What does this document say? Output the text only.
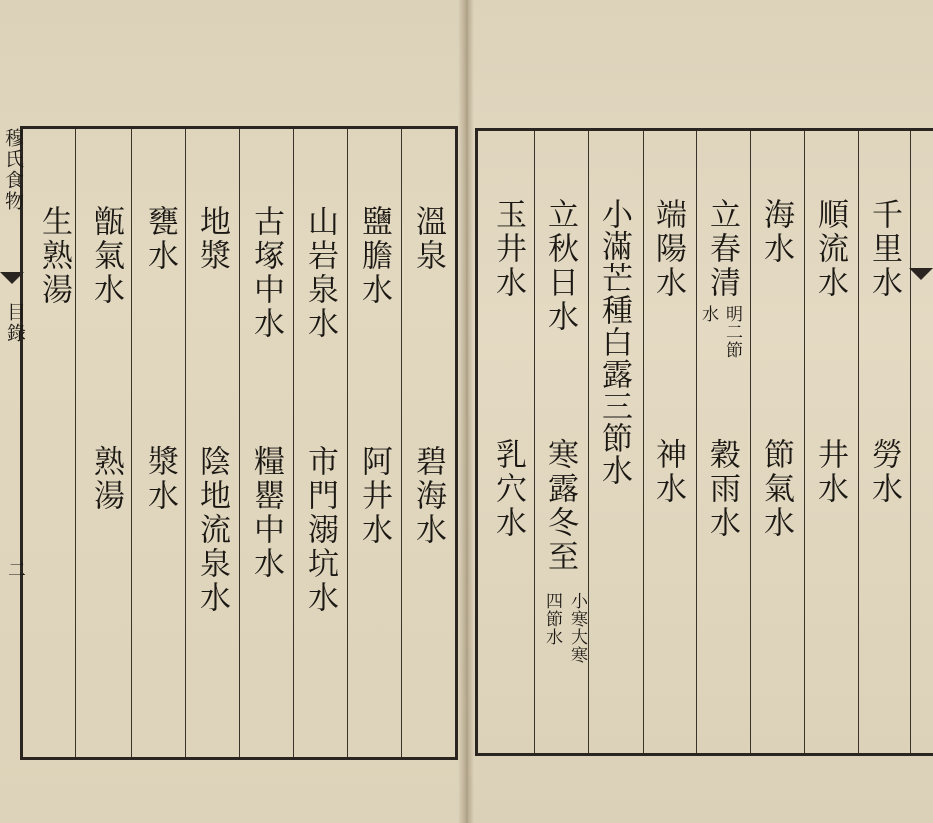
穆氏食物
目錄
二
溫泉
碧海水
鹽膽水
阿井水
山岩泉水
市門溺坑水
古塚中水
糧罌中水
地漿
陰地流泉水
甕水
漿水
甑氣水
熟湯
生熟湯	千里水
勞水
順流水
井水
海水
節氣水
立春清
水 明二節
穀雨水
端陽水
神水
小滿芒種白露三節水
立秋日水
寒露冬至
小寒大寒
四節水
玉井水
乳穴水
